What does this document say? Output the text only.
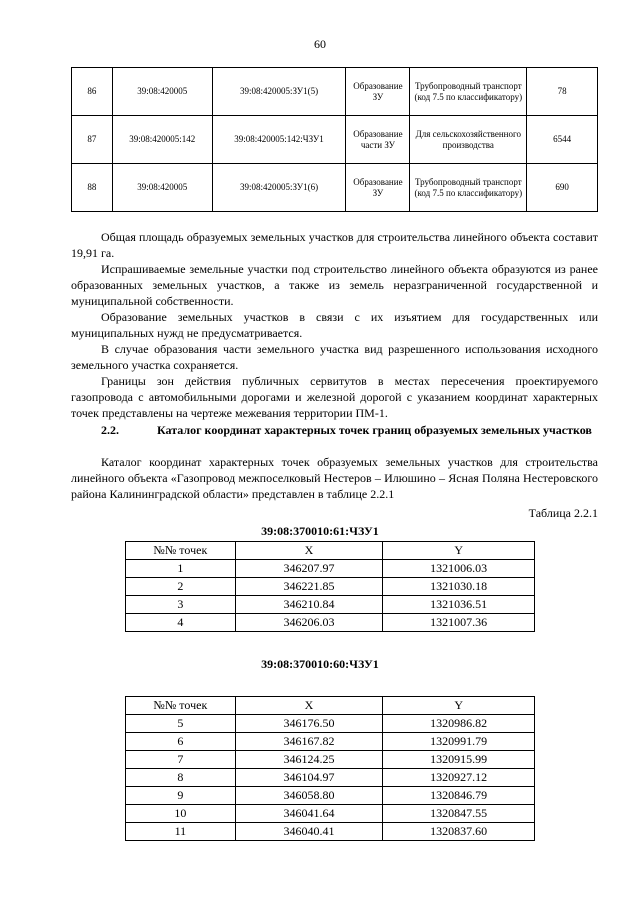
60
86	39:08:420005	39:08:420005:ЗУ1(5)	Образование ЗУ	Трубопроводный транспорт (код 7.5 по классификатору)	78
87	39:08:420005:142	39:08:420005:142:ЧЗУ1	Образование части ЗУ	Для сельскохозяйственного производства	6544
88	39:08:420005	39:08:420005:ЗУ1(6)	Образование ЗУ	Трубопроводный транспорт (код 7.5 по классификатору)	690

Общая площадь образуемых земельных участков для строительства линейного объекта составит 19,91 га.

Испрашиваемые земельные участки под строительство линейного объекта образуются из ранее образованных земельных участков, а также из земель неразграниченной государственной и муниципальной собственности.

Образование земельных участков в связи с их изъятием для государственных или муниципальных нужд не предусматривается.

В случае образования части земельного участка вид разрешенного использования исходного земельного участка сохраняется.

Границы зон действия публичных сервитутов в местах пересечения проектируемого газопровода с автомобильными дорогами и железной дорогой с указанием координат характерных точек представлены на чертеже межевания территории ПМ-1.

2.2.	Каталог координат характерных точек границ образуемых земельных участков

Каталог координат характерных точек образуемых земельных участков для строительства линейного объекта «Газопровод межпоселковый Нестеров – Илюшино – Ясная Поляна Нестеровского района Калининградской области» представлен в таблице 2.2.1

Таблица 2.2.1
39:08:370010:61:ЧЗУ1
№№ точек	X	Y
1	346207.97	1321006.03
2	346221.85	1321030.18
3	346210.84	1321036.51
4	346206.03	1321007.36
39:08:370010:60:ЧЗУ1
№№ точек	X	Y
5	346176.50	1320986.82
6	346167.82	1320991.79
7	346124.25	1320915.99
8	346104.97	1320927.12
9	346058.80	1320846.79
10	346041.64	1320847.55
11	346040.41	1320837.60
